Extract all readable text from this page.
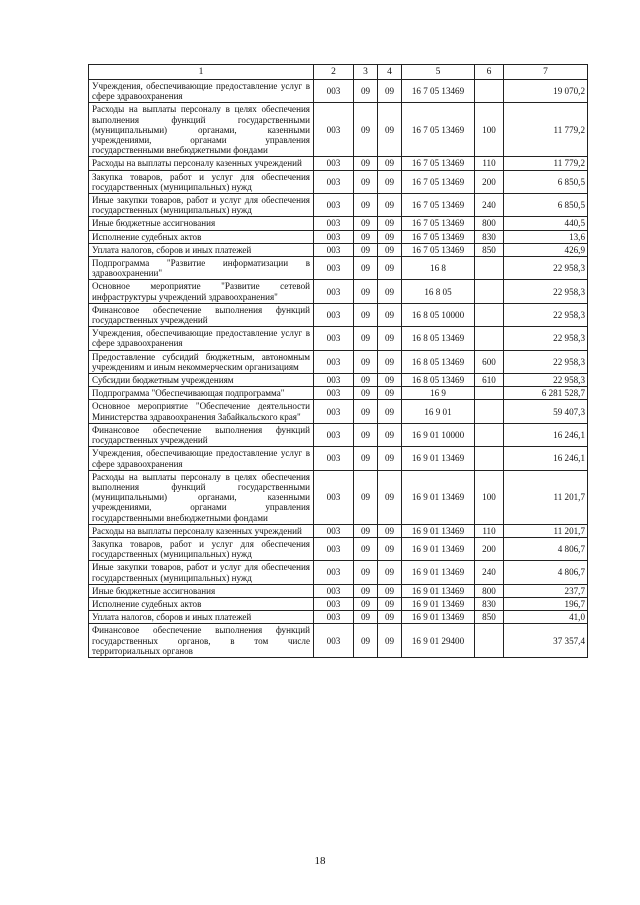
1	2	3	4	5	6	7
Учреждения, обеспечивающие предоставление услуг в сфере здравоохранения	003	09	09	16 7 05 13469		19 070,2
Расходы на выплаты персоналу в целях обеспечения выполнения функций государственными (муниципальными) органами, казенными учреждениями, органами управления государственными внебюджетными фондами	003	09	09	16 7 05 13469	100	11 779,2
Расходы на выплаты персоналу казенных учреждений	003	09	09	16 7 05 13469	110	11 779,2
Закупка товаров, работ и услуг для обеспечения государственных (муниципальных) нужд	003	09	09	16 7 05 13469	200	6 850,5
Иные закупки товаров, работ и услуг для обеспечения государственных (муниципальных) нужд	003	09	09	16 7 05 13469	240	6 850,5
Иные бюджетные ассигнования	003	09	09	16 7 05 13469	800	440,5
Исполнение судебных актов	003	09	09	16 7 05 13469	830	13,6
Уплата налогов, сборов и иных платежей	003	09	09	16 7 05 13469	850	426,9
Подпрограмма "Развитие информатизации в здравоохранении"	003	09	09	16 8		22 958,3
Основное мероприятие "Развитие сетевой инфраструктуры учреждений здравоохранения"	003	09	09	16 8 05		22 958,3
Финансовое обеспечение выполнения функций государственных учреждений	003	09	09	16 8 05 10000		22 958,3
Учреждения, обеспечивающие предоставление услуг в сфере здравоохранения	003	09	09	16 8 05 13469		22 958,3
Предоставление субсидий бюджетным, автономным учреждениям и иным некоммерческим организациям	003	09	09	16 8 05 13469	600	22 958,3
Субсидии бюджетным учреждениям	003	09	09	16 8 05 13469	610	22 958,3
Подпрограмма "Обеспечивающая подпрограмма"	003	09	09	16 9		6 281 528,7
Основное мероприятие "Обеспечение деятельности Министерства здравоохранения Забайкальского края"	003	09	09	16 9 01		59 407,3
Финансовое обеспечение выполнения функций государственных учреждений	003	09	09	16 9 01 10000		16 246,1
Учреждения, обеспечивающие предоставление услуг в сфере здравоохранения	003	09	09	16 9 01 13469		16 246,1
Расходы на выплаты персоналу в целях обеспечения выполнения функций государственными (муниципальными) органами, казенными учреждениями, органами управления государственными внебюджетными фондами	003	09	09	16 9 01 13469	100	11 201,7
Расходы на выплаты персоналу казенных учреждений	003	09	09	16 9 01 13469	110	11 201,7
Закупка товаров, работ и услуг для обеспечения государственных (муниципальных) нужд	003	09	09	16 9 01 13469	200	4 806,7
Иные закупки товаров, работ и услуг для обеспечения государственных (муниципальных) нужд	003	09	09	16 9 01 13469	240	4 806,7
Иные бюджетные ассигнования	003	09	09	16 9 01 13469	800	237,7
Исполнение судебных актов	003	09	09	16 9 01 13469	830	196,7
Уплата налогов, сборов и иных платежей	003	09	09	16 9 01 13469	850	41,0
Финансовое обеспечение выполнения функций государственных органов, в том числе территориальных органов	003	09	09	16 9 01 29400		37 357,4
18
